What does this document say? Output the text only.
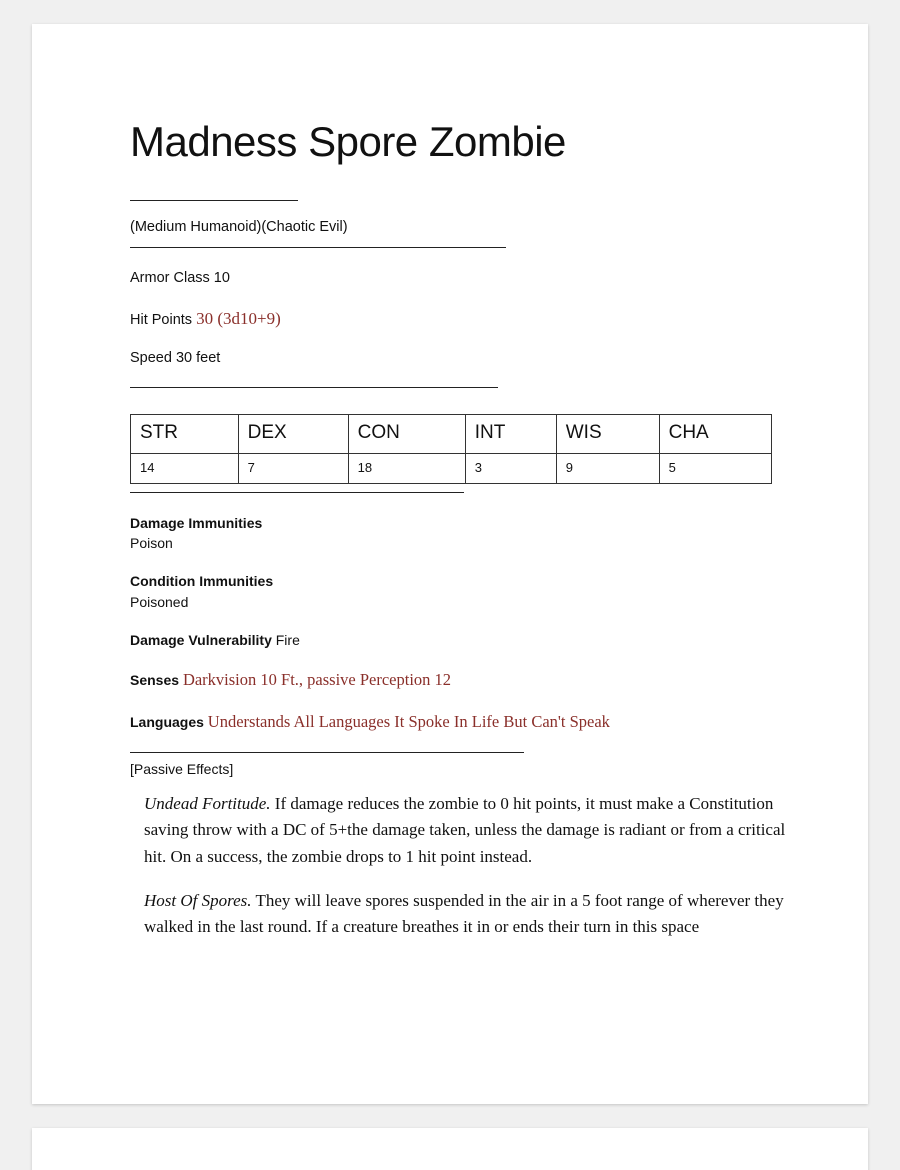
Madness Spore Zombie

(Medium Humanoid)(Chaotic Evil)

Armor Class 10

Hit Points 30 (3d10+9)

Speed 30 feet

STR	DEX	CON	INT	WIS	CHA
14	7	18	3	9	5

Damage Immunities
Poison

Condition Immunities
Poisoned

Damage Vulnerability Fire

Senses Darkvision 10 Ft., passive Perception 12

Languages Understands All Languages It Spoke In Life But Can't Speak

[Passive Effects]

Undead Fortitude. If damage reduces the zombie to 0 hit points, it must make a Constitution saving throw with a DC of 5+the damage taken, unless the damage is radiant or from a critical hit. On a success, the zombie drops to 1 hit point instead.

Host Of Spores. They will leave spores suspended in the air in a 5 foot range of wherever they walked in the last round. If a creature breathes it in or ends their turn in this space
